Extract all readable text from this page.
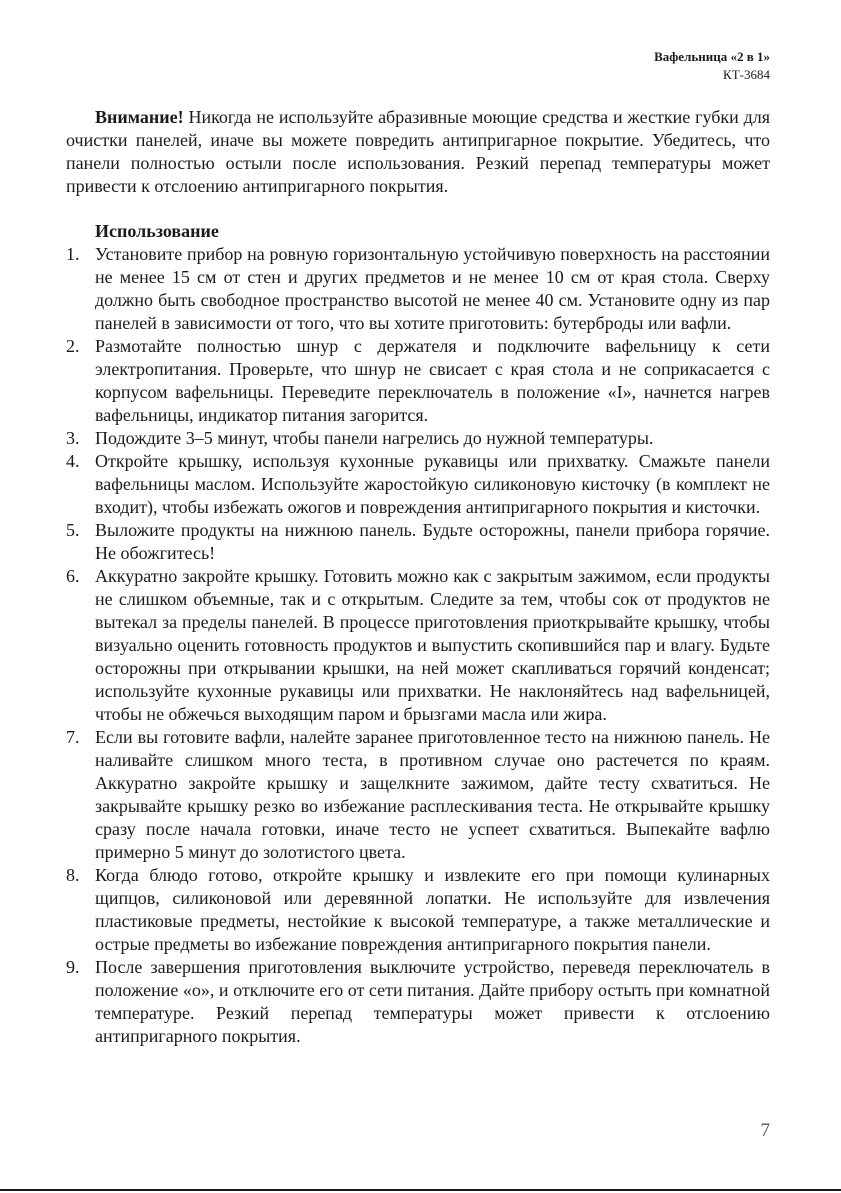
Вафельница «2 в 1»
КТ-3684

Внимание! Никогда не используйте абразивные моющие средства и жесткие губки для очистки панелей, иначе вы можете повредить антипригарное покрытие. Убедитесь, что панели полностью остыли после использования. Резкий перепад температуры может привести к отслоению антипригарного покрытия.

Использование
1. Установите прибор на ровную горизонтальную устойчивую поверхность на расстоянии не менее 15 см от стен и других предметов и не менее 10 см от края стола. Сверху должно быть свободное пространство высотой не менее 40 см. Установите одну из пар панелей в зависимости от того, что вы хотите приготовить: бутерброды или вафли.
2. Размотайте полностью шнур с держателя и подключите вафельницу к сети электропитания. Проверьте, что шнур не свисает с края стола и не соприкасается с корпусом вафельницы. Переведите переключатель в положение «I», начнется нагрев вафельницы, индикатор питания загорится.
3. Подождите 3–5 минут, чтобы панели нагрелись до нужной температуры.
4. Откройте крышку, используя кухонные рукавицы или прихватку. Смажьте панели вафельницы маслом. Используйте жаростойкую силиконовую кисточку (в комплект не входит), чтобы избежать ожогов и повреждения антипригарного покрытия и кисточки.
5. Выложите продукты на нижнюю панель. Будьте осторожны, панели прибора горячие. Не обожгитесь!
6. Аккуратно закройте крышку. Готовить можно как с закрытым зажимом, если продукты не слишком объемные, так и с открытым. Следите за тем, чтобы сок от продуктов не вытекал за пределы панелей. В процессе приготовления приоткрывайте крышку, чтобы визуально оценить готовность продуктов и выпустить скопившийся пар и влагу. Будьте осторожны при открывании крышки, на ней может скапливаться горячий конденсат; используйте кухонные рукавицы или прихватки. Не наклоняйтесь над вафельницей, чтобы не обжечься выходящим паром и брызгами масла или жира.
7. Если вы готовите вафли, налейте заранее приготовленное тесто на нижнюю панель. Не наливайте слишком много теста, в противном случае оно растечется по краям. Аккуратно закройте крышку и защелкните зажимом, дайте тесту схватиться. Не закрывайте крышку резко во избежание расплескивания теста. Не открывайте крышку сразу после начала готовки, иначе тесто не успеет схватиться. Выпекайте вафлю примерно 5 минут до золотистого цвета.
8. Когда блюдо готово, откройте крышку и извлеките его при помощи кулинарных щипцов, силиконовой или деревянной лопатки. Не используйте для извлечения пластиковые предметы, нестойкие к высокой температуре, а также металлические и острые предметы во избежание повреждения антипригарного покрытия панели.
9. После завершения приготовления выключите устройство, переведя переключатель в положение «o», и отключите его от сети питания. Дайте прибору остыть при комнатной температуре. Резкий перепад температуры может привести к отслоению антипригарного покрытия.
7
